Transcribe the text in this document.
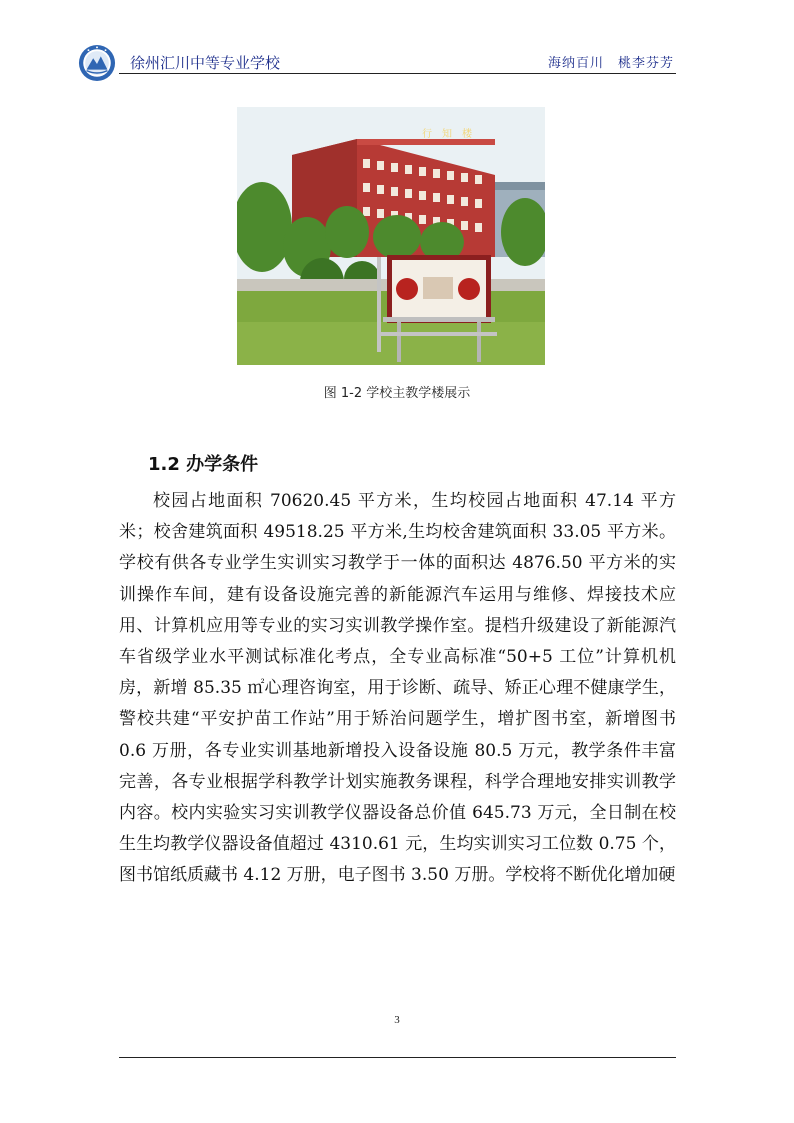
徐州汇川中等专业学校	海纳百川　桃李芬芳
行　知　楼
图 1-2 学校主教学楼展示
1.2 办学条件

校园占地面积 70620.45 平方米，生均校园占地面积 47.14 平方米；校舍建筑面积 49518.25 平方米,生均校舍建筑面积 33.05 平方米。学校有供各专业学生实训实习教学于一体的面积达 4876.50 平方米的实训操作车间，建有设备设施完善的新能源汽车运用与维修、焊接技术应用、计算机应用等专业的实习实训教学操作室。提档升级建设了新能源汽车省级学业水平测试标准化考点，全专业高标准“50+5 工位”计算机机房，新增 85.35 ㎡心理咨询室，用于诊断、疏导、矫正心理不健康学生，警校共建“平安护苗工作站”用于矫治问题学生，增扩图书室，新增图书 0.6 万册，各专业实训基地新增投入设备设施 80.5 万元，教学条件丰富完善，各专业根据学科教学计划实施教务课程，科学合理地安排实训教学内容。校内实验实习实训教学仪器设备总价值 645.73 万元，全日制在校生生均教学仪器设备值超过 4310.61 元，生均实训实习工位数 0.75 个，图书馆纸质藏书 4.12 万册，电子图书 3.50 万册。学校将不断优化增加硬

3
